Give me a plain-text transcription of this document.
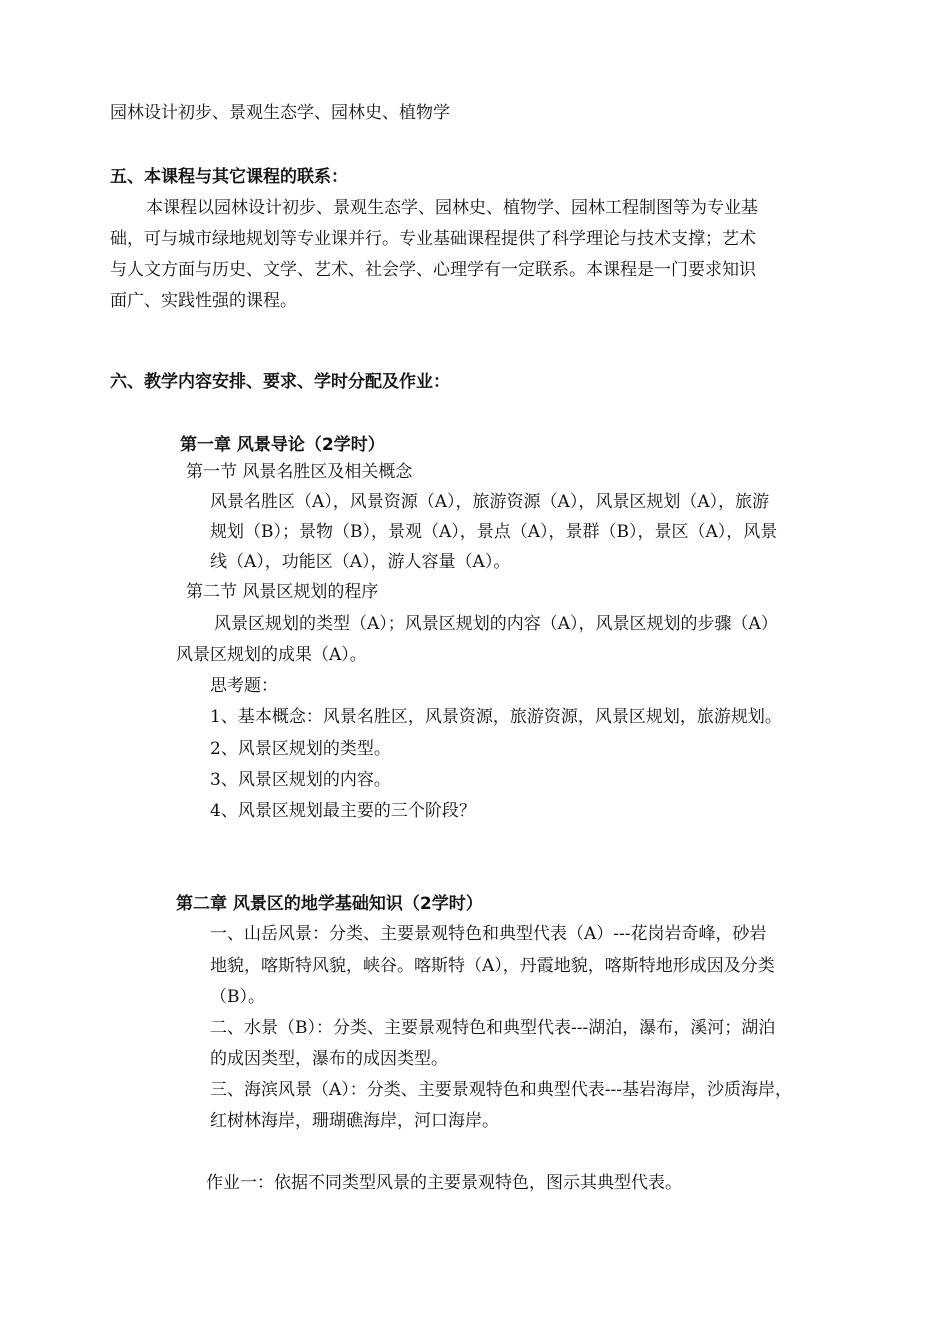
园林设计初步、景观生态学、园林史、植物学

五、本课程与其它课程的联系：

本课程以园林设计初步、景观生态学、园林史、植物学、园林工程制图等为专业基

础，可与城市绿地规划等专业课并行。专业基础课程提供了科学理论与技术支撑；艺术

与人文方面与历史、文学、艺术、社会学、心理学有一定联系。本课程是一门要求知识

面广、实践性强的课程。

六、教学内容安排、要求、学时分配及作业：

第一章 风景导论（2学时）

第一节 风景名胜区及相关概念

风景名胜区（A），风景资源（A），旅游资源（A），风景区规划（A），旅游

规划（B）；景物（B），景观（A），景点（A），景群（B），景区（A），风景

线（A），功能区（A），游人容量（A）。

第二节 风景区规划的程序

风景区规划的类型（A）；风景区规划的内容（A），风景区规划的步骤（A）

风景区规划的成果（A）。

思考题：

1、基本概念：风景名胜区，风景资源，旅游资源，风景区规划，旅游规划。

2、风景区规划的类型。

3、风景区规划的内容。

4、风景区规划最主要的三个阶段？

第二章 风景区的地学基础知识（2学时）

一、山岳风景：分类、主要景观特色和典型代表（A）---花岗岩奇峰，砂岩

地貌，喀斯特风貌，峡谷。喀斯特（A），丹霞地貌，喀斯特地形成因及分类

（B）。

二、水景（B）：分类、主要景观特色和典型代表---湖泊，瀑布，溪河；湖泊

的成因类型，瀑布的成因类型。

三、海滨风景（A）：分类、主要景观特色和典型代表---基岩海岸，沙质海岸，

红树林海岸，珊瑚礁海岸，河口海岸。

作业一：依据不同类型风景的主要景观特色，图示其典型代表。
